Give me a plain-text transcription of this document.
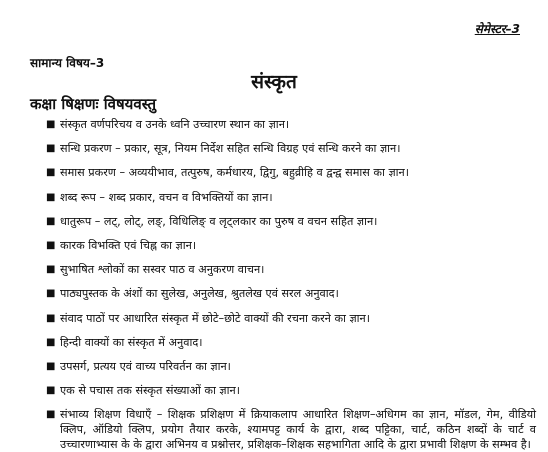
सेमेस्टर–3
सामान्य विषय–3
संस्कृत
कक्षा षिक्षणः विषयवस्तु
■ संस्कृत वर्णपरिचय व उनके ध्वनि उच्चारण स्थान का ज्ञान।
■ सन्धि प्रकरण – प्रकार, सूत्र, नियम निर्देश सहित सन्धि विग्रह एवं सन्धि करने का ज्ञान।
■ समास प्रकरण – अव्ययीभाव, तत्पुरुष, कर्मधारय, द्विगु, बहुव्रीहि व द्वन्द्व समास का ज्ञान।
■ शब्द रूप – शब्द प्रकार, वचन व विभक्तियों का ज्ञान।
■ धातुरूप – लट्, लोट्, लङ्, विधिलिङ् व लृट्लकार का पुरुष व वचन सहित ज्ञान।
■ कारक विभक्ति एवं चिह्न का ज्ञान।
■ सुभाषित श्लोकों का सस्वर पाठ व अनुकरण वाचन।
■ पाठ्यपुस्तक के अंशों का सुलेख, अनुलेख, श्रुतलेख एवं सरल अनुवाद।
■ संवाद पाठों पर आधारित संस्कृत में छोटे–छोटे वाक्यों की रचना करने का ज्ञान।
■ हिन्दी वाक्यों का संस्कृत में अनुवाद।
■ उपसर्ग, प्रत्यय एवं वाच्य परिवर्तन का ज्ञान।
■ एक से पचास तक संस्कृत संख्याओं का ज्ञान।
■ संभाव्य शिक्षण विधाएँ – शिक्षक प्रशिक्षण में क्रियाकलाप आधारित शिक्षण–अधिगम का ज्ञान, मॉडल, गेम, वीडियो क्लिप, ऑडियो क्लिप, प्रयोग तैयार करके, श्यामपट्ट कार्य के द्वारा, शब्द पट्टिका, चार्ट, कठिन शब्दों के चार्ट व उच्चारणाभ्यास के के द्वारा अभिनय व प्रश्नोत्तर, प्रशिक्षक–शिक्षक सहभागिता आदि के द्वारा प्रभावी शिक्षण के सम्भव है।
